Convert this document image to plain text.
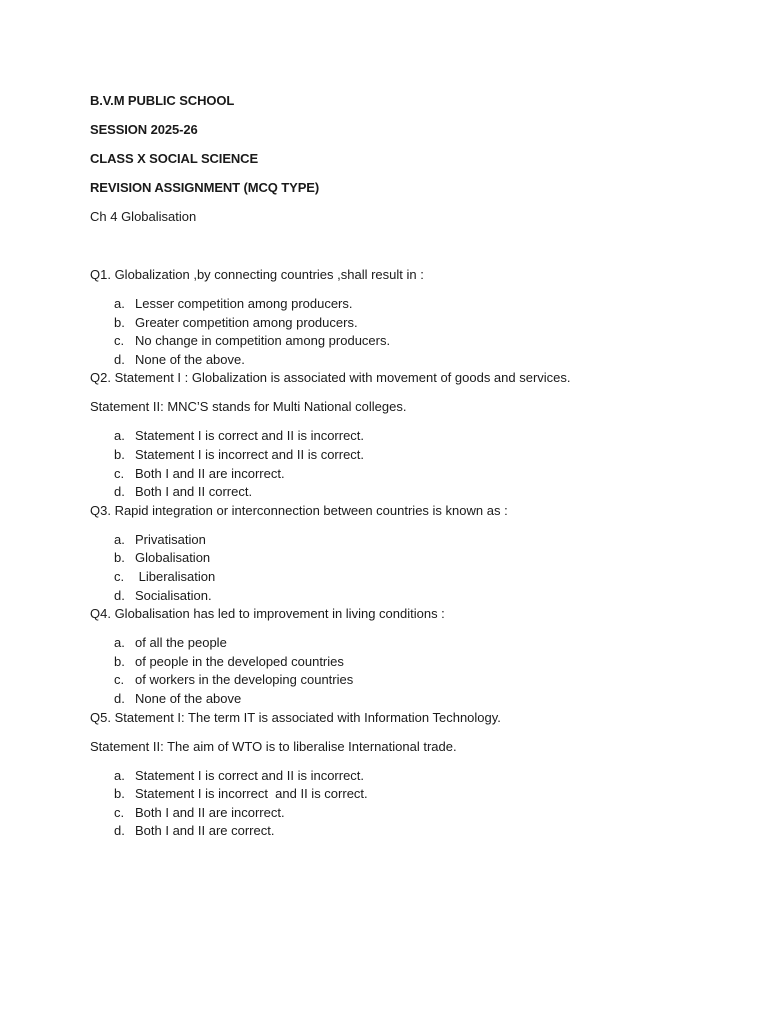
B.V.M PUBLIC SCHOOL

SESSION 2025-26

CLASS X SOCIAL SCIENCE

REVISION ASSIGNMENT (MCQ TYPE)

Ch 4 Globalisation

Q1. Globalization ,by connecting countries ,shall result in :

a. Lesser competition among producers.
b. Greater competition among producers.
c. No change in competition among producers.
d. None of the above.

Q2. Statement I : Globalization is associated with movement of goods and services.

Statement II: MNC’S stands for Multi National colleges.

a. Statement I is correct and II is incorrect.
b. Statement I is incorrect and II is correct.
c. Both I and II are incorrect.
d. Both I and II correct.

Q3. Rapid integration or interconnection between countries is known as :

a. Privatisation
b. Globalisation
c. Liberalisation
d. Socialisation.

Q4. Globalisation has led to improvement in living conditions :

a. of all the people
b. of people in the developed countries
c. of workers in the developing countries
d. None of the above

Q5. Statement I: The term IT is associated with Information Technology.

Statement II: The aim of WTO is to liberalise International trade.

a. Statement I is correct and II is incorrect.
b. Statement I is incorrect  and II is correct.
c. Both I and II are incorrect.
d. Both I and II are correct.
